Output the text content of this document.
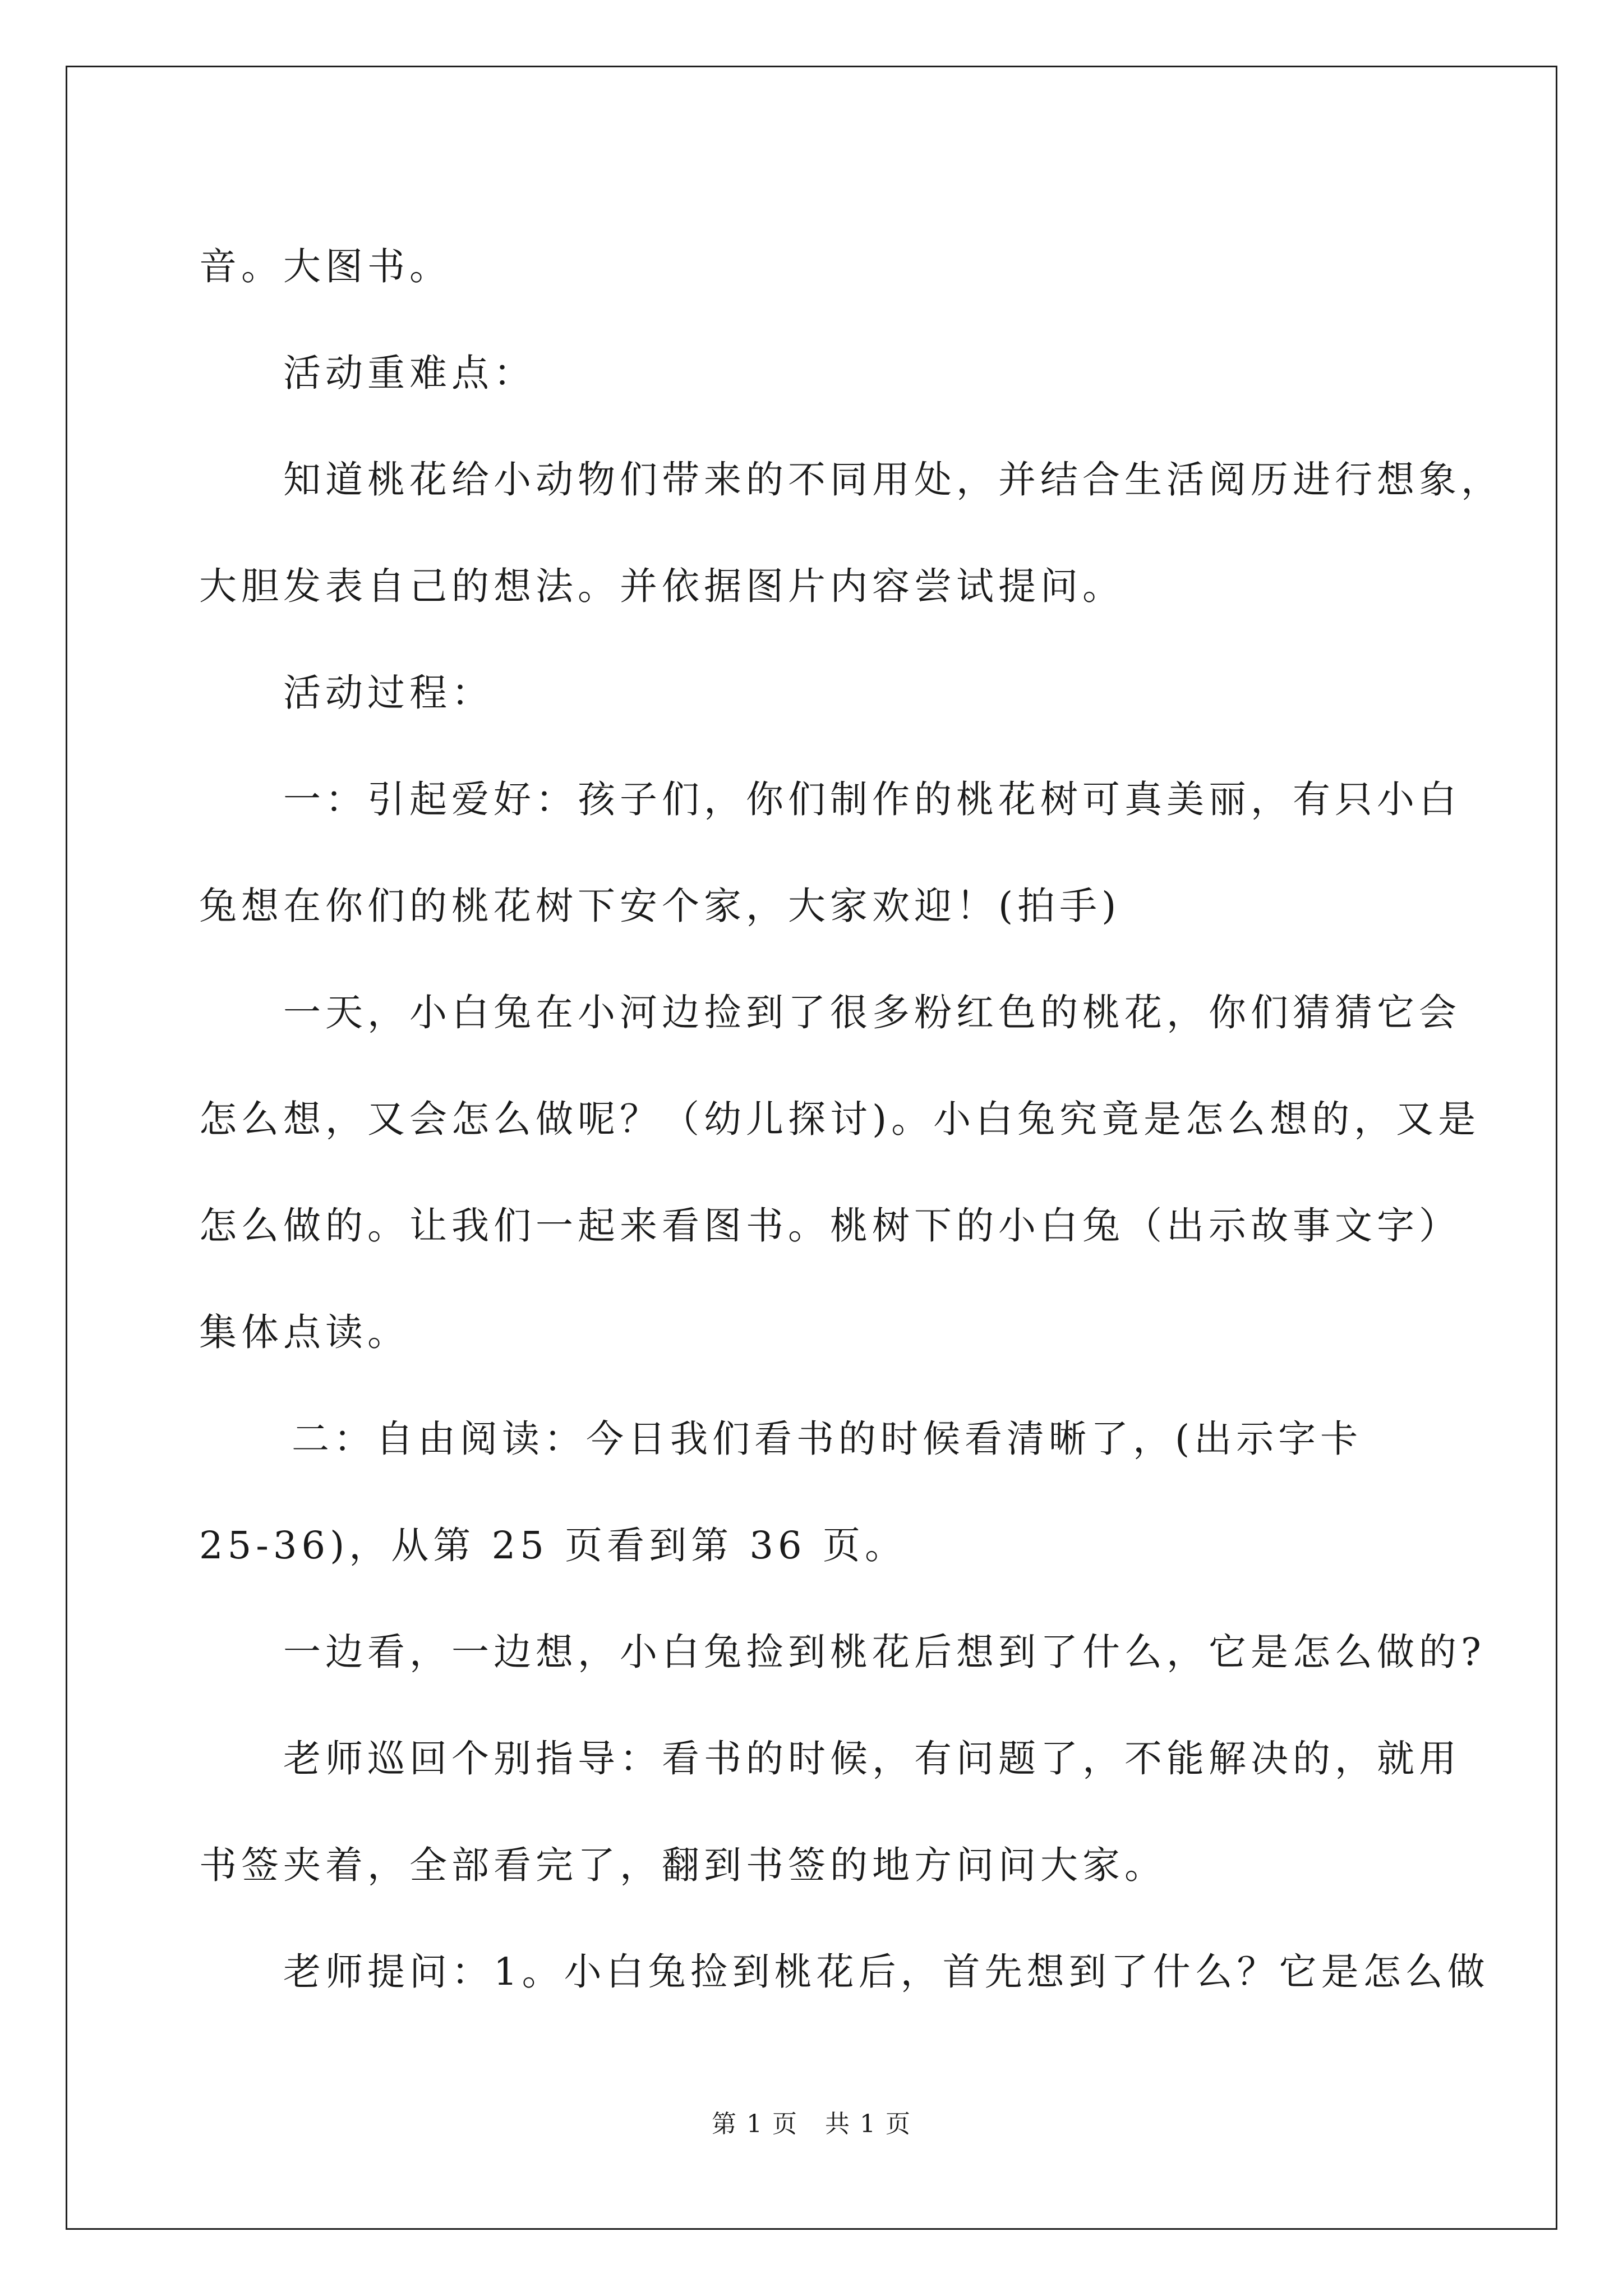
音。大图书。

活动重难点：

知道桃花给小动物们带来的不同用处，并结合生活阅历进行想象，

大胆发表自己的想法。并依据图片内容尝试提问。

活动过程：

一：引起爱好：孩子们，你们制作的桃花树可真美丽，有只小白

兔想在你们的桃花树下安个家，大家欢迎！(拍手)

一天，小白兔在小河边捡到了很多粉红色的桃花，你们猜猜它会

怎么想，又会怎么做呢？（幼儿探讨)。小白兔究竟是怎么想的，又是

怎么做的。让我们一起来看图书。桃树下的小白兔（出示故事文字）

集体点读。

二：自由阅读：今日我们看书的时候看清晰了，(出示字卡

25-36)，从第 25 页看到第 36 页。

一边看，一边想，小白兔捡到桃花后想到了什么，它是怎么做的?

老师巡回个别指导：看书的时候，有问题了，不能解决的，就用

书签夹着，全部看完了，翻到书签的地方问问大家。

老师提问：1。小白兔捡到桃花后，首先想到了什么？它是怎么做

第 1 页   共 1 页
